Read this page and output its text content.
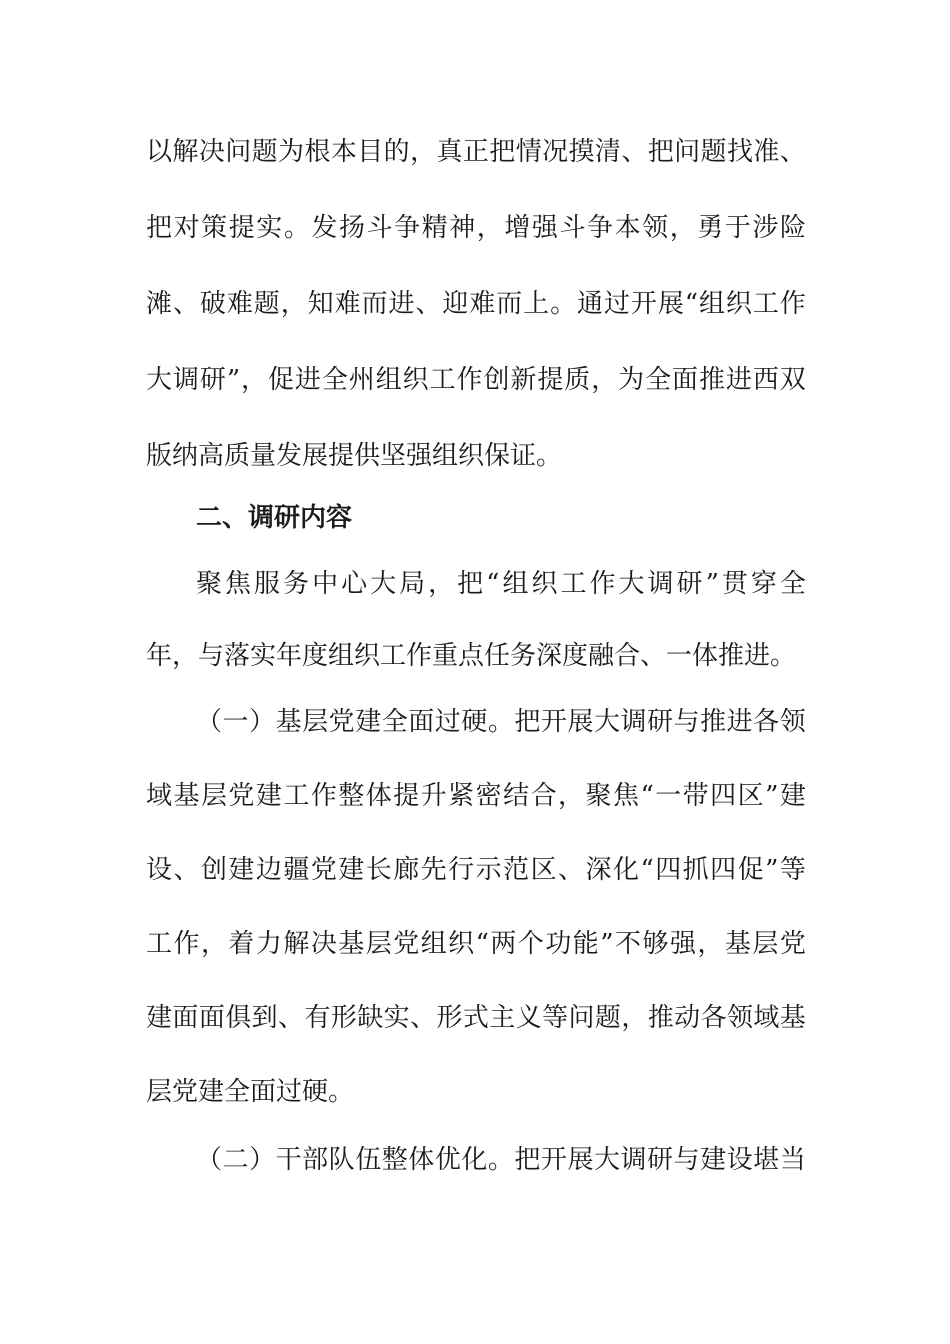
以 解 决 问 题 为 根 本 目 的 ， 真 正 把 情 况 摸 清 、 把 问 题 找 准 、
把 对 策 提 实 。 发 扬 斗 争 精 神 ， 增 强 斗 争 本 领 ， 勇 于 涉 险
滩 、 破 难 题 ， 知 难 而 进 、 迎 难 而 上 。 通 过 开 展 “ 组 织 工 作
大 调 研 ” ， 促 进 全 州 组 织 工 作 创 新 提 质 ， 为 全 面 推 进 西 双
版纳高质量发展提供坚强组织保证。
二、调研内容
聚 焦 服 务 中 心 大 局 ， 把 “ 组 织 工 作 大 调 研 ” 贯 穿 全
年，与落实年度组织工作重点任务深度融合、一体推进。
（ 一 ） 基 层 党 建 全 面 过 硬 。 把 开 展 大 调 研 与 推 进 各 领
域 基 层 党 建 工 作 整 体 提 升 紧 密 结 合 ， 聚 焦 “ 一 带 四 区 ” 建
设 、 创 建 边 疆 党 建 长 廊 先 行 示 范 区 、 深 化 “ 四 抓 四 促 ” 等
工 作 ， 着 力 解 决 基 层 党 组 织 “ 两 个 功 能 ” 不 够 强 ， 基 层 党
建 面 面 俱 到 、 有 形 缺 实 、 形 式 主 义 等 问 题 ， 推 动 各 领 域 基
层党建全面过硬。
（ 二 ） 干 部 队 伍 整 体 优 化 。 把 开 展 大 调 研 与 建 设 堪 当
